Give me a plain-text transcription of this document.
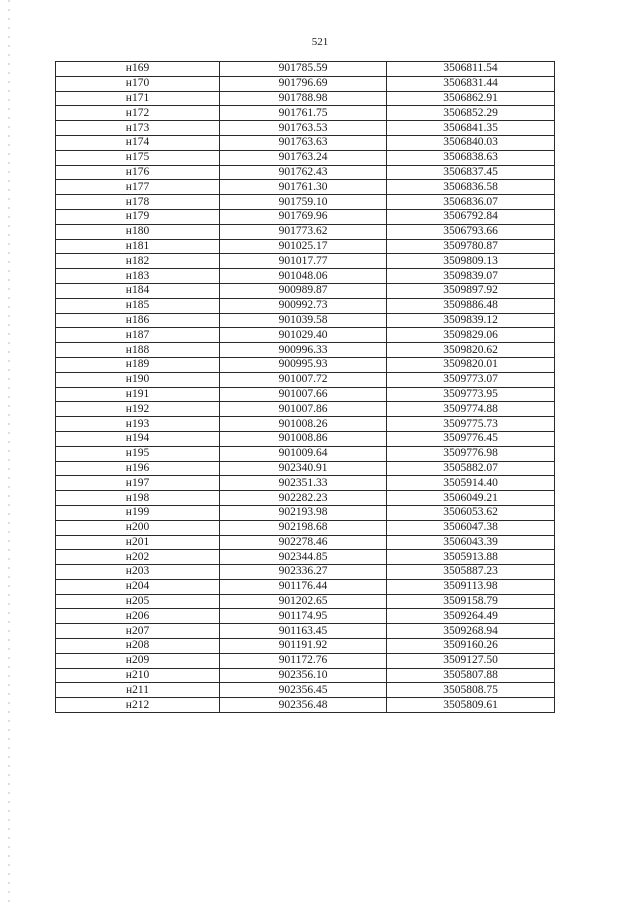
521
н169	901785.59	3506811.54
н170	901796.69	3506831.44
н171	901788.98	3506862.91
н172	901761.75	3506852.29
н173	901763.53	3506841.35
н174	901763.63	3506840.03
н175	901763.24	3506838.63
н176	901762.43	3506837.45
н177	901761.30	3506836.58
н178	901759.10	3506836.07
н179	901769.96	3506792.84
н180	901773.62	3506793.66
н181	901025.17	3509780.87
н182	901017.77	3509809.13
н183	901048.06	3509839.07
н184	900989.87	3509897.92
н185	900992.73	3509886.48
н186	901039.58	3509839.12
н187	901029.40	3509829.06
н188	900996.33	3509820.62
н189	900995.93	3509820.01
н190	901007.72	3509773.07
н191	901007.66	3509773.95
н192	901007.86	3509774.88
н193	901008.26	3509775.73
н194	901008.86	3509776.45
н195	901009.64	3509776.98
н196	902340.91	3505882.07
н197	902351.33	3505914.40
н198	902282.23	3506049.21
н199	902193.98	3506053.62
н200	902198.68	3506047.38
н201	902278.46	3506043.39
н202	902344.85	3505913.88
н203	902336.27	3505887.23
н204	901176.44	3509113.98
н205	901202.65	3509158.79
н206	901174.95	3509264.49
н207	901163.45	3509268.94
н208	901191.92	3509160.26
н209	901172.76	3509127.50
н210	902356.10	3505807.88
н211	902356.45	3505808.75
н212	902356.48	3505809.61
